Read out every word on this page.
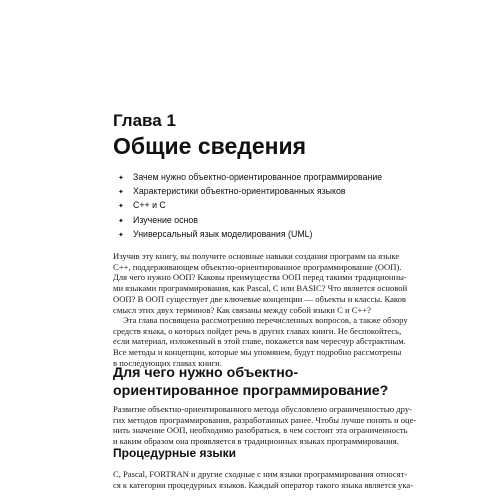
Глава 1
Общие сведения
✦ Зачем нужно объектно-ориентированное программирование
✦ Характеристики объектно-ориентированных языков
✦ C++ и C
✦ Изучение основ
✦ Универсальный язык моделирования (UML)

Изучив эту книгу, вы получите основные навыки создания программ на языке
C++, поддерживающем объектно-ориентированное программирование (ООП).
Для чего нужно ООП? Каковы преимущества ООП перед такими традиционны-
ми языками программирования, как Pascal, C или BASIC? Что является основой
ООП? В ООП существует две ключевые концепции — объекты и классы. Каков
смысл этих двух терминов? Как связаны между собой языки C и C++?

Эта глава посвящена рассмотрению перечисленных вопросов, а также обзору
средств языка, о которых пойдет речь в других главах книги. Не беспокойтесь,
если материал, изложенный в этой главе, покажется вам чересчур абстрактным.
Все методы и концепции, которые мы упомянем, будут подробно рассмотрены
в последующих главах книги.

Для чего нужно объектно-
ориентированное программирование?

Развитие объектно-ориентированного метода обусловлено ограниченностью дру-
гих методов программирования, разработанных ранее. Чтобы лучше понять и оце-
нить значение ООП, необходимо разобраться, в чем состоит эта ограниченность
и каким образом она проявляется в традиционных языках программирования.

Процедурные языки

C, Pascal, FORTRAN и другие сходные с ним языки программирования относят-
ся к категории процедурных языков. Каждый оператор такого языка является ука-
